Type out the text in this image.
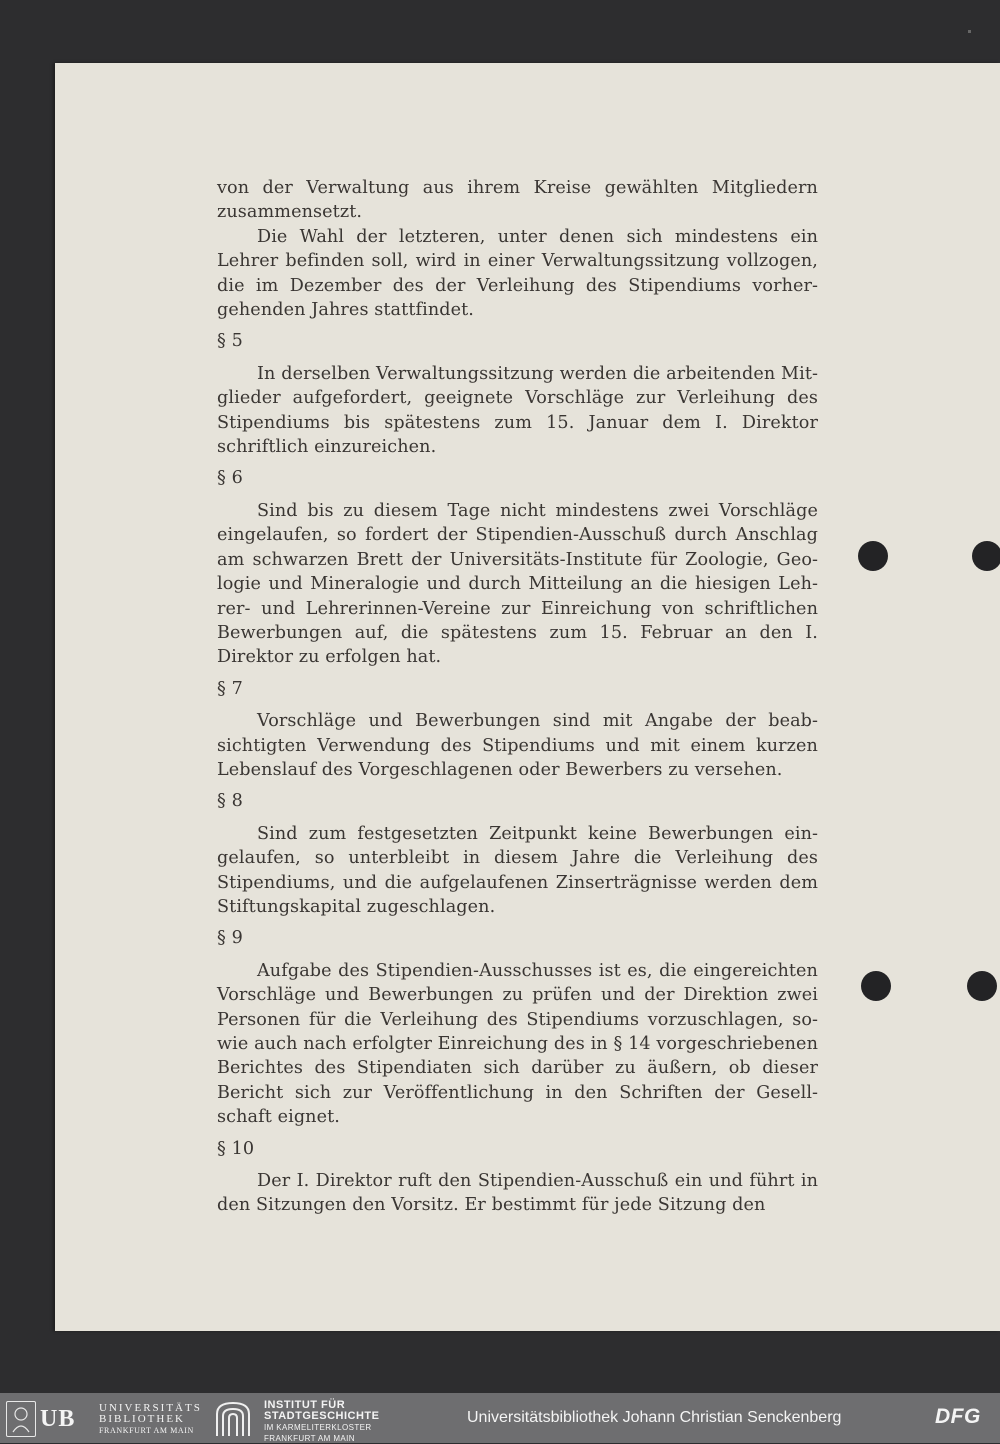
von der Verwaltung aus ihrem Kreise gewählten Mitgliedern zusammensetzt.

Die Wahl der letzteren, unter denen sich mindestens ein Lehrer befinden soll, wird in einer Verwaltungssitzung vollzogen, die im Dezember des der Verleihung des Stipendiums vorhergehenden Jahres stattfindet.

§ 5

In derselben Verwaltungssitzung werden die arbeitenden Mitglieder aufgefordert, geeignete Vorschläge zur Verleihung des Stipendiums bis spätestens zum 15. Januar dem I. Direktor schriftlich einzureichen.

§ 6

Sind bis zu diesem Tage nicht mindestens zwei Vorschläge eingelaufen, so fordert der Stipendien-Ausschuß durch Anschlag am schwarzen Brett der Universitäts-Institute für Zoologie, Geologie und Mineralogie und durch Mitteilung an die hiesigen Lehrer- und Lehrerinnen-Vereine zur Einreichung von schriftlichen Bewerbungen auf, die spätestens zum 15. Februar an den I. Direktor zu erfolgen hat.

§ 7

Vorschläge und Bewerbungen sind mit Angabe der beabsichtigten Verwendung des Stipendiums und mit einem kurzen Lebenslauf des Vorgeschlagenen oder Bewerbers zu versehen.

§ 8

Sind zum festgesetzten Zeitpunkt keine Bewerbungen eingelaufen, so unterbleibt in diesem Jahre die Verleihung des Stipendiums, und die aufgelaufenen Zinserträgnisse werden dem Stiftungskapital zugeschlagen.

§ 9

Aufgabe des Stipendien-Ausschusses ist es, die eingereichten Vorschläge und Bewerbungen zu prüfen und der Direktion zwei Personen für die Verleihung des Stipendiums vorzuschlagen, sowie auch nach erfolgter Einreichung des in § 14 vorgeschriebenen Berichtes des Stipendiaten sich darüber zu äußern, ob dieser Bericht sich zur Veröffentlichung in den Schriften der Gesellschaft eignet.

§ 10

Der I. Direktor ruft den Stipendien-Ausschuß ein und führt in den Sitzungen den Vorsitz. Er bestimmt für jede Sitzung den

UB UNIVERSITÄTS
BIBLIOTHEK
FRANKFURT AM MAIN
INSTITUT FÜR
STADTGESCHICHTE
IM KARMELITERKLOSTER
FRANKFURT AM MAIN
Universitätsbibliothek Johann Christian Senckenberg	DFG
